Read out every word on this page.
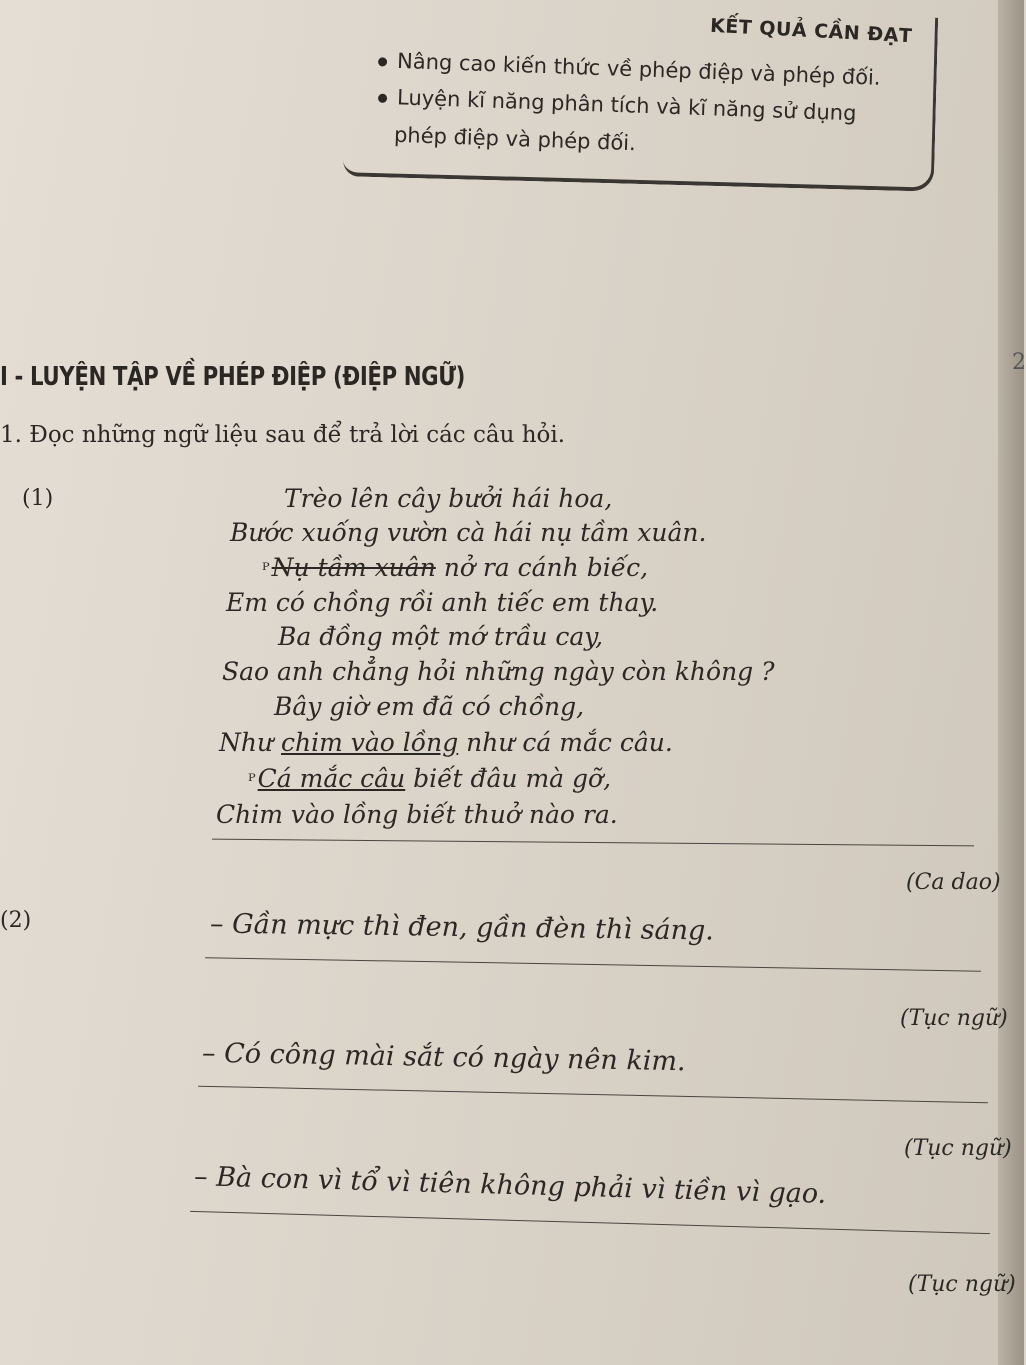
2
KẾT QUẢ CẦN ĐẠT
Nâng cao kiến thức về phép điệp và phép đối.
Luyện kĩ năng phân tích và kĩ năng sử dụng
phép điệp và phép đối.
I - LUYỆN TẬP VỀ PHÉP ĐIỆP (ĐIỆP NGỮ)
1. Đọc những ngữ liệu sau để trả lời các câu hỏi.
(1)	Trèo lên cây bưởi hái hoa,
Bước xuống vườn cà hái nụ tầm xuân.
ᴾNụ tầm xuân nở ra cánh biếc,
Em có chồng rồi anh tiếc em thay.
Ba đồng một mớ trầu cay,
Sao anh chẳng hỏi những ngày còn không ?
Bây giờ em đã có chồng,
Như chim vào lồng như cá mắc câu.
ᴾCá mắc câu biết đâu mà gỡ,
Chim vào lồng biết thuở nào ra.
(Ca dao)
(2)	– Gần mực thì đen, gần đèn thì sáng.
(Tục ngữ)
– Có công mài sắt có ngày nên kim.
(Tục ngữ)
– Bà con vì tổ vì tiên không phải vì tiền vì gạo.
(Tục ngữ)
